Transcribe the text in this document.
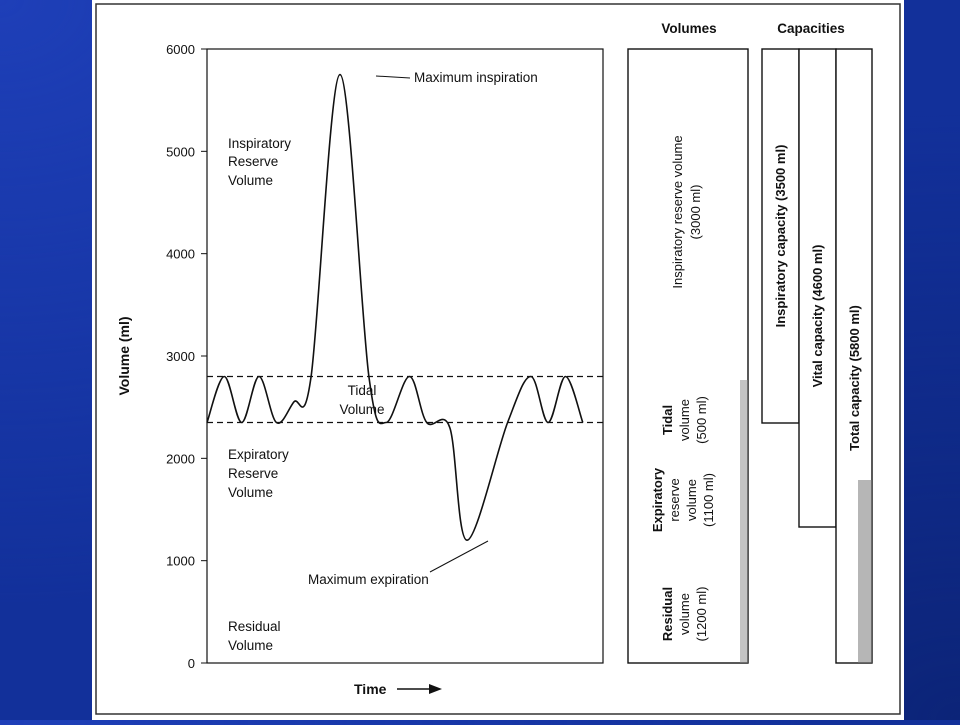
0
1000
2000
3000
4000
5000
6000
Maximum inspiration
Maximum expiration
Inspiratory
Reserve
Volume
Tidal
Volume
Expiratory
Reserve
Volume
Residual
Volume
Volume (ml)
Time
Volumes
Inspiratory reserve volume (3000 ml)
Tidal volume (500 ml)
Expiratory reserve volume (1100 ml)
Residual volume (1200 ml)
Capacities
Inspiratory capacity (3500 ml) Vital capacity (4600 ml) Total capacity (5800 ml)
